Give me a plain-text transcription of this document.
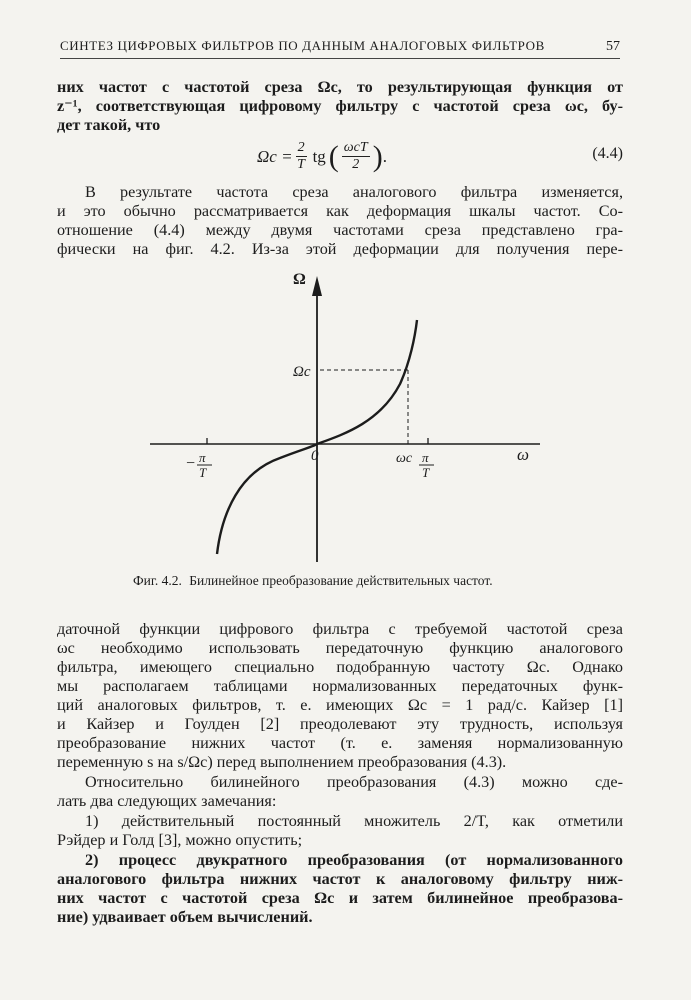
СИНТЕЗ ЦИФРОВЫХ ФИЛЬТРОВ ПО ДАННЫМ АНАЛОГОВЫХ ФИЛЬТРОВ	57
них частот с частотой среза Ωc, то результирующая функция от
z⁻¹, соответствующая цифровому фильтру с частотой среза ωc, бу-
дет такой, что
$\Omega c = \frac{2}{T}$ tg ( $\frac{\text{ωcT}}{2}$ ) .	(4.4)
В результате частота среза аналогового фильтра изменяется,
и это обычно рассматривается как деформация шкалы частот. Со-
отношение (4.4) между двумя частотами среза представлено гра-
фически на фиг. 4.2. Из-за этой деформации для получения пере-
Ω
ω
0
Ωc
− π
T
ωc π
T
Фиг. 4.2. Билинейное преобразование действительных частот.
даточной функции цифрового фильтра с требуемой частотой среза
ωc необходимо использовать передаточную функцию аналогового
фильтра, имеющего специально подобранную частоту Ωc. Однако
мы располагаем таблицами нормализованных передаточных функ-
ций аналоговых фильтров, т. е. имеющих Ωc = 1 рад/с. Кайзер [1]
и Кайзер и Гоулден [2] преодолевают эту трудность, используя
преобразование нижних частот (т. е. заменяя нормализованную
переменную s на s/Ωc) перед выполнением преобразования (4.3).
Относительно билинейного преобразования (4.3) можно сде-
лать два следующих замечания:
1) действительный постоянный множитель 2/T, как отметили
Рэйдер и Голд [3], можно опустить;
2) процесс двукратного преобразования (от нормализованного
аналогового фильтра нижних частот к аналоговому фильтру ниж-
них частот с частотой среза Ωc и затем билинейное преобразова-
ние) удваивает объем вычислений.
